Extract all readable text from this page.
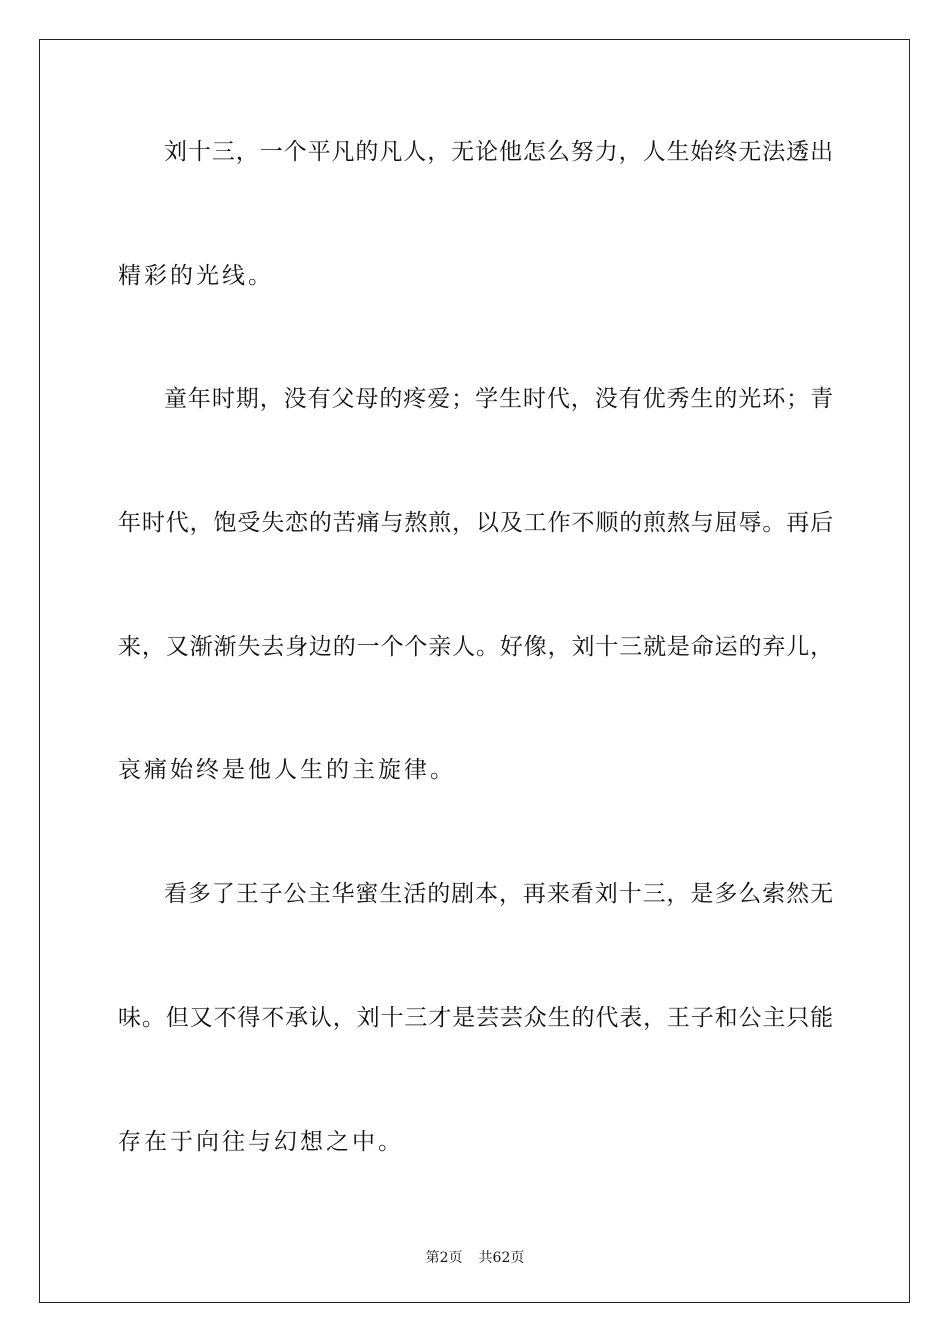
刘十三，一个平凡的凡人，无论他怎么努力，人生始终无法透出
精彩的光线。
童年时期，没有父母的疼爱；学生时代，没有优秀生的光环；青
年时代，饱受失恋的苦痛与熬煎，以及工作不顺的煎熬与屈辱。再后
来，又渐渐失去身边的一个个亲人。好像，刘十三就是命运的弃儿，
哀痛始终是他人生的主旋律。
看多了王子公主华蜜生活的剧本，再来看刘十三，是多么索然无
味。但又不得不承认，刘十三才是芸芸众生的代表，王子和公主只能
存在于向往与幻想之中。
第2页 共62页
